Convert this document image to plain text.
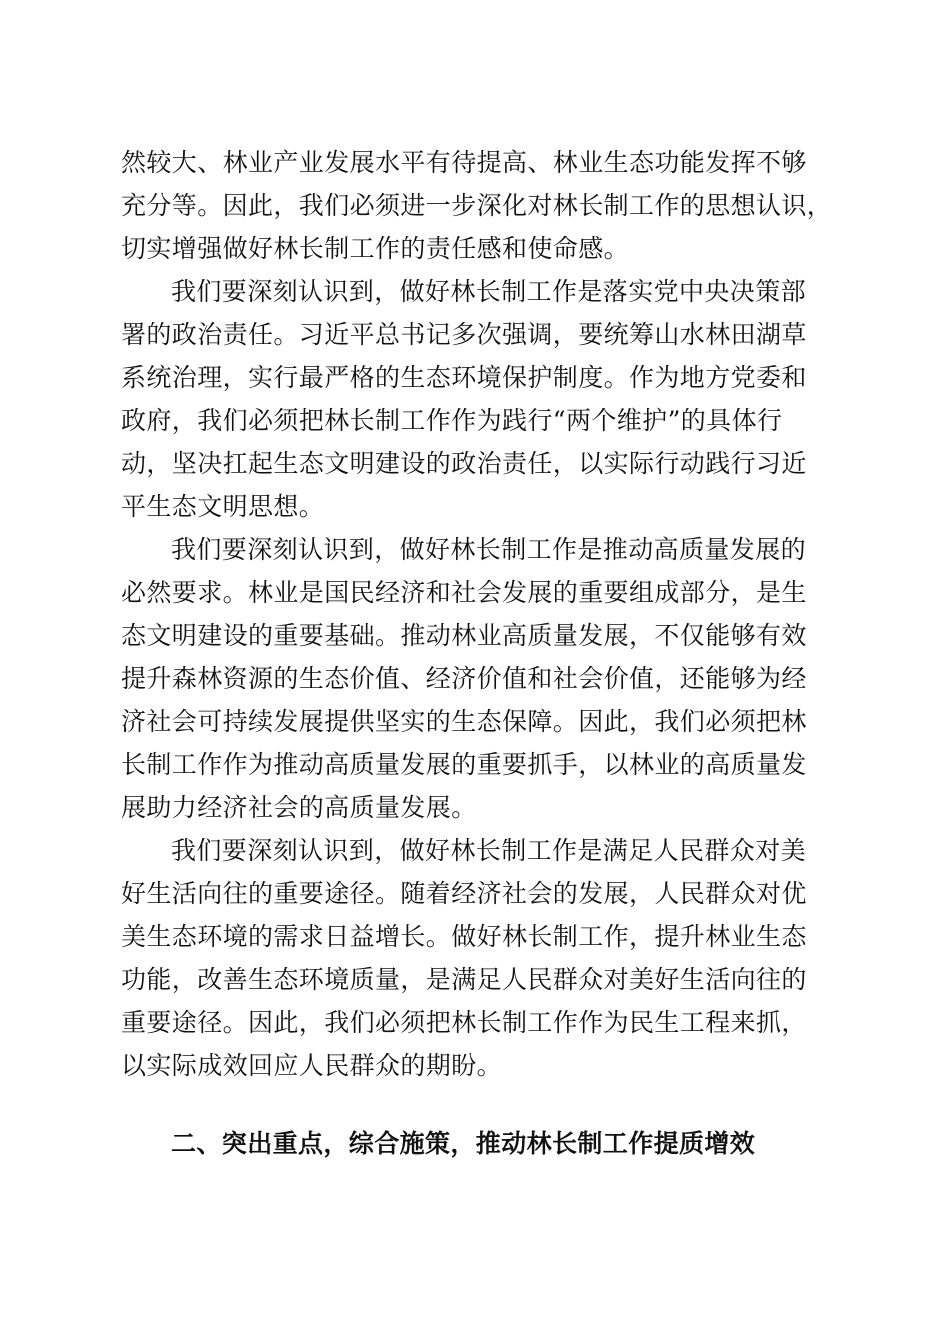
然较大、林业产业发展水平有待提高、林业生态功能发挥不够
充分等。因此，我们必须进一步深化对林长制工作的思想认识，
切实增强做好林长制工作的责任感和使命感。
我们要深刻认识到，做好林长制工作是落实党中央决策部
署的政治责任。习近平总书记多次强调，要统筹山水林田湖草
系统治理，实行最严格的生态环境保护制度。作为地方党委和
政府，我们必须把林长制工作作为践行“两个维护”的具体行
动，坚决扛起生态文明建设的政治责任，以实际行动践行习近
平生态文明思想。
我们要深刻认识到，做好林长制工作是推动高质量发展的
必然要求。林业是国民经济和社会发展的重要组成部分，是生
态文明建设的重要基础。推动林业高质量发展，不仅能够有效
提升森林资源的生态价值、经济价值和社会价值，还能够为经
济社会可持续发展提供坚实的生态保障。因此，我们必须把林
长制工作作为推动高质量发展的重要抓手，以林业的高质量发
展助力经济社会的高质量发展。
我们要深刻认识到，做好林长制工作是满足人民群众对美
好生活向往的重要途径。随着经济社会的发展，人民群众对优
美生态环境的需求日益增长。做好林长制工作，提升林业生态
功能，改善生态环境质量，是满足人民群众对美好生活向往的
重要途径。因此，我们必须把林长制工作作为民生工程来抓，
以实际成效回应人民群众的期盼。
二、突出重点，综合施策，推动林长制工作提质增效
